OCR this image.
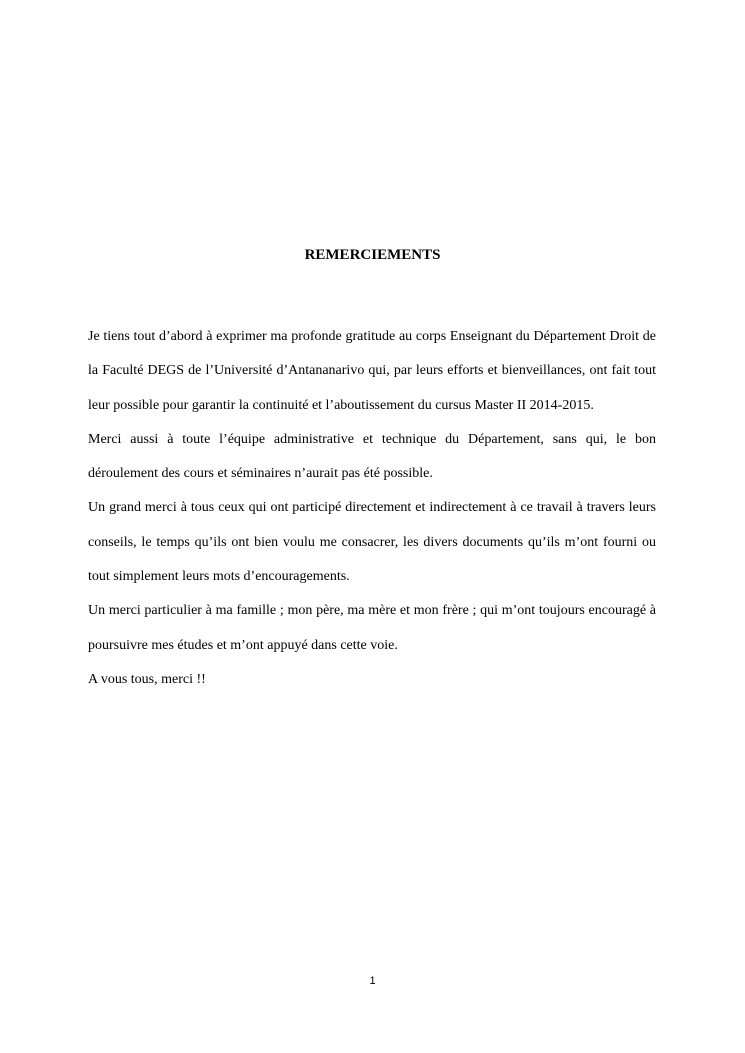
REMERCIEMENTS

Je tiens tout d’abord à exprimer ma profonde gratitude au corps Enseignant du Département Droit de la Faculté DEGS de l’Université d’Antananarivo qui, par leurs efforts et bienveillances, ont fait tout leur possible pour garantir la continuité et l’aboutissement du cursus Master II 2014-2015.

Merci aussi à toute l’équipe administrative et technique du Département, sans qui, le bon déroulement des cours et séminaires n’aurait pas été possible.

Un grand merci à tous ceux qui ont participé directement et indirectement à ce travail à travers leurs conseils, le temps qu’ils ont bien voulu me consacrer, les divers documents qu’ils m’ont fourni ou tout simplement leurs mots d’encouragements.

Un merci particulier à ma famille ; mon père, ma mère et mon frère ; qui m’ont toujours encouragé à poursuivre mes études et m’ont appuyé dans cette voie.

A vous tous, merci !!

1
